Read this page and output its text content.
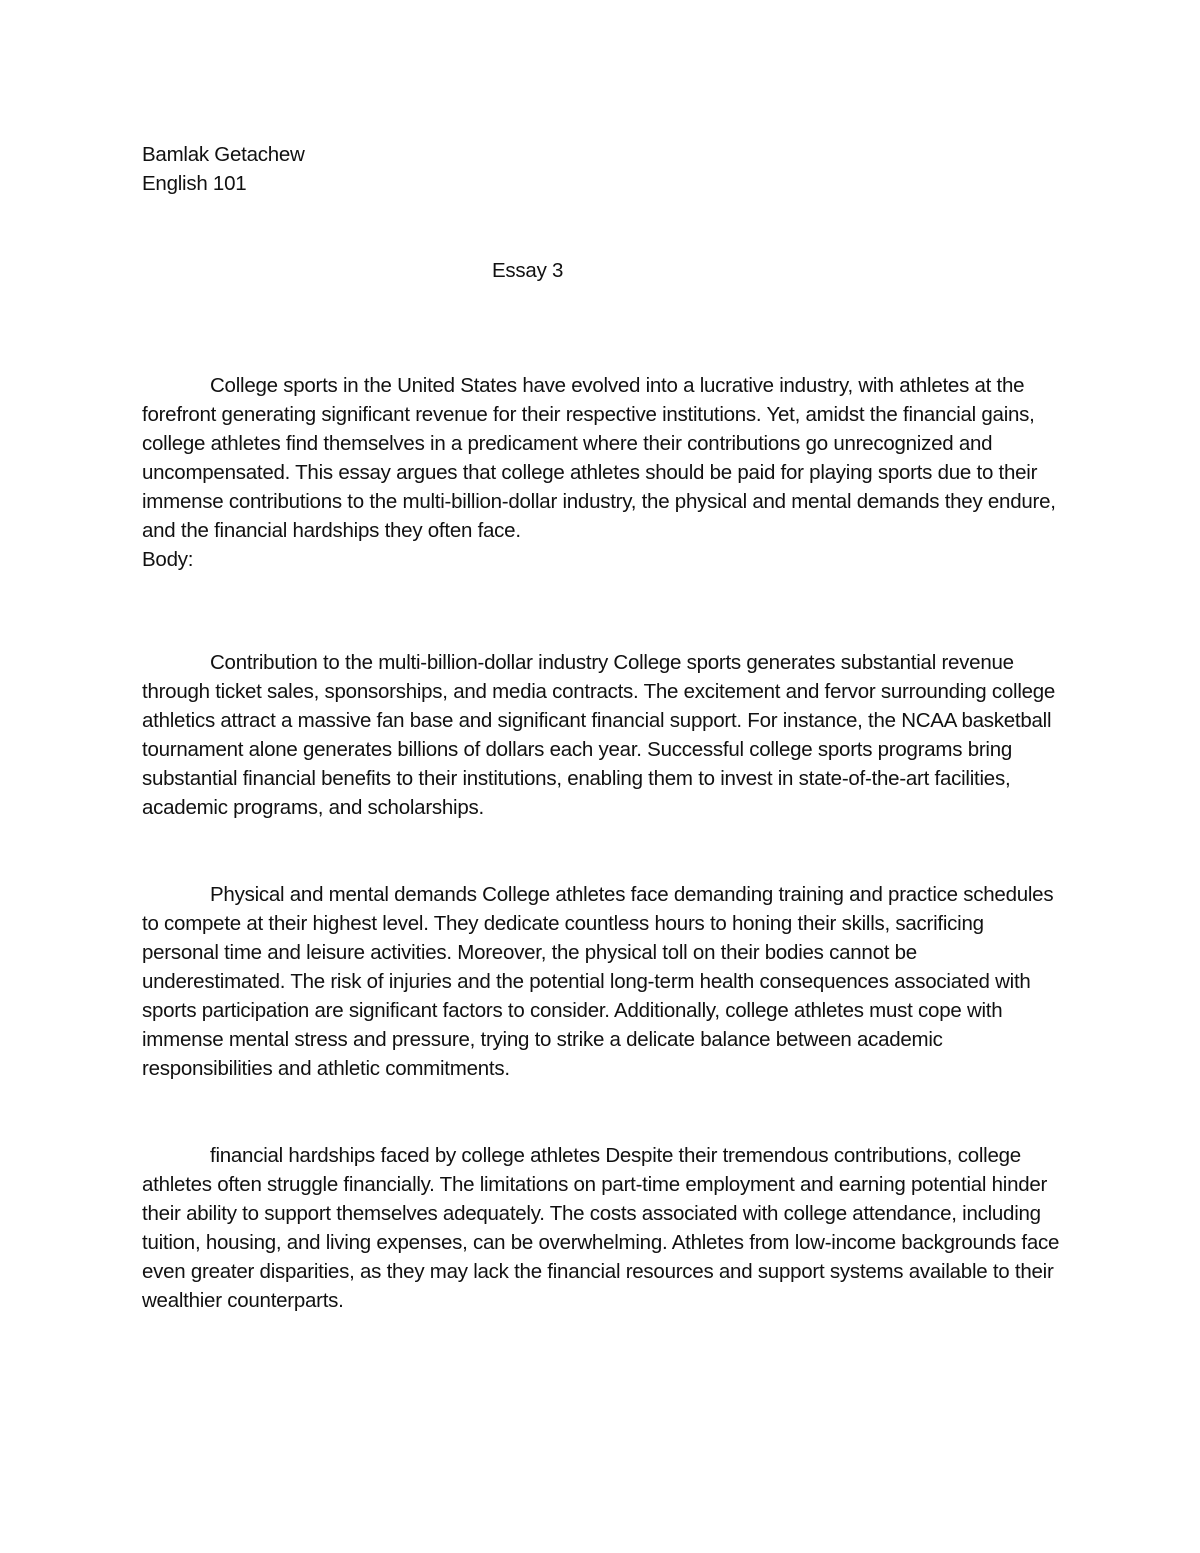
Bamlak Getachew

English 101

Essay 3

College sports in the United States have evolved into a lucrative industry, with athletes at the forefront generating significant revenue for their respective institutions. Yet, amidst the financial gains, college athletes find themselves in a predicament where their contributions go unrecognized and uncompensated. This essay argues that college athletes should be paid for playing sports due to their immense contributions to the multi-billion-dollar industry, the physical and mental demands they endure, and the financial hardships they often face.

Body:

Contribution to the multi-billion-dollar industry College sports generates substantial revenue through ticket sales, sponsorships, and media contracts. The excitement and fervor surrounding college athletics attract a massive fan base and significant financial support. For instance, the NCAA basketball tournament alone generates billions of dollars each year. Successful college sports programs bring substantial financial benefits to their institutions, enabling them to invest in state-of-the-art facilities, academic programs, and scholarships.

Physical and mental demands College athletes face demanding training and practice schedules to compete at their highest level. They dedicate countless hours to honing their skills, sacrificing personal time and leisure activities. Moreover, the physical toll on their bodies cannot be underestimated. The risk of injuries and the potential long-term health consequences associated with sports participation are significant factors to consider. Additionally, college athletes must cope with immense mental stress and pressure, trying to strike a delicate balance between academic responsibilities and athletic commitments.

financial hardships faced by college athletes Despite their tremendous contributions, college athletes often struggle financially. The limitations on part-time employment and earning potential hinder their ability to support themselves adequately. The costs associated with college attendance, including tuition, housing, and living expenses, can be overwhelming. Athletes from low-income backgrounds face even greater disparities, as they may lack the financial resources and support systems available to their wealthier counterparts.
